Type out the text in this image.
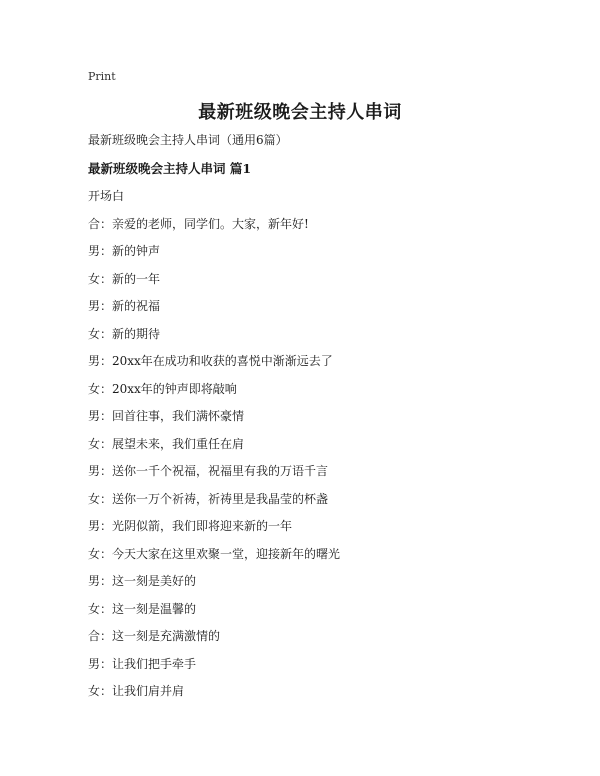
Print
最新班级晚会主持人串词
最新班级晚会主持人串词（通用6篇）
最新班级晚会主持人串词 篇1
开场白
合：亲爱的老师，同学们。大家，新年好!
男：新的钟声
女：新的一年
男：新的祝福
女：新的期待
男：20xx年在成功和收获的喜悦中渐渐远去了
女：20xx年的钟声即将敲响
男：回首往事，我们满怀豪情
女：展望未来，我们重任在肩
男：送你一千个祝福，祝福里有我的万语千言
女：送你一万个祈祷，祈祷里是我晶莹的杯盏
男：光阴似箭，我们即将迎来新的一年
女：今天大家在这里欢聚一堂，迎接新年的曙光
男：这一刻是美好的
女：这一刻是温馨的
合：这一刻是充满激情的
男：让我们把手牵手
女：让我们肩并肩
